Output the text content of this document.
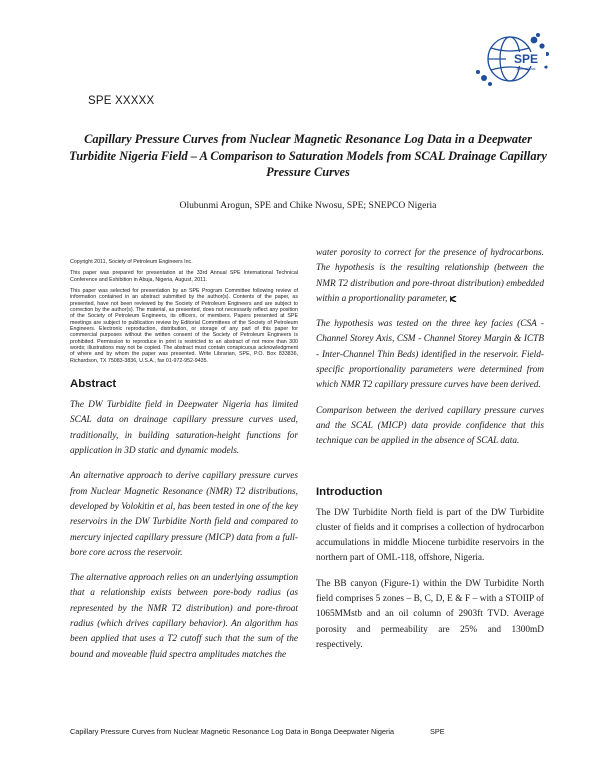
SPE
International
SPE XXXXX
Capillary Pressure Curves from Nuclear Magnetic Resonance Log Data in a Deepwater Turbidite Nigeria Field – A Comparison to Saturation Models from SCAL Drainage Capillary Pressure Curves
Olubunmi Arogun, SPE and Chike Nwosu, SPE; SNEPCO Nigeria

Copyright 2011, Society of Petroleum Engineers Inc.

This paper was prepared for presentation at the 33rd Annual SPE International Technical Conference and Exhibition in Abuja, Nigeria, August, 2011.

This paper was selected for presentation by an SPE Program Committee following review of information contained in an abstract submitted by the author(s). Contents of the paper, as presented, have not been reviewed by the Society of Petroleum Engineers and are subject to correction by the author(s). The material, as presented, does not necessarily reflect any position of the Society of Petroleum Engineers, its officers, or members. Papers presented at SPE meetings are subject to publication review by Editorial Committees of the Society of Petroleum Engineers. Electronic reproduction, distribution, or storage of any part of this paper for commercial purposes without the written consent of the Society of Petroleum Engineers is prohibited. Permission to reproduce in print is restricted to an abstract of not more than 300 words; illustrations may not be copied. The abstract must contain conspicuous acknowledgment of where and by whom the paper was presented. Write Librarian, SPE, P.O. Box 833836, Richardson, TX 75083-3836, U.S.A., fax 01-972-952-9435.

Abstract

The DW Turbidite field in Deepwater Nigeria has limited SCAL data on drainage capillary pressure curves used, traditionally, in building saturation-height functions for application in 3D static and dynamic models.

An alternative approach to derive capillary pressure curves from Nuclear Magnetic Resonance (NMR) T2 distributions, developed by Volokitin et al, has been tested in one of the key reservoirs in the DW Turbidite North field and compared to mercury injected capillary pressure (MICP) data from a full-bore core across the reservoir.

The alternative approach relies on an underlying assumption that a relationship exists between pore-body radius (as represented by the NMR T2 distribution) and pore-throat radius (which drives capillary behavior). An algorithm has been applied that uses a T2 cutoff such that the sum of the bound and moveable fluid spectra amplitudes matches the

water porosity to correct for the presence of hydrocarbons. The hypothesis is the resulting relationship (between the NMR T2 distribution and pore-throat distribution) embedded within a proportionality parameter,

The hypothesis was tested on the three key facies (CSA - Channel Storey Axis, CSM - Channel Storey Margin & ICTB - Inter-Channel Thin Beds) identified in the reservoir. Field-specific proportionality parameters were determined from which NMR T2 capillary pressure curves have been derived.

Comparison between the derived capillary pressure curves and the SCAL (MICP) data provide confidence that this technique can be applied in the absence of SCAL data.

Introduction

The DW Turbidite North field is part of the DW Turbidite cluster of fields and it comprises a collection of hydrocarbon accumulations in middle Miocene turbidite reservoirs in the northern part of OML-118, offshore, Nigeria.

The BB canyon (Figure-1) within the DW Turbidite North field comprises 5 zones – B, C, D, E & F – with a STOIIP of 1065MMstb and an oil column of 2903ft TVD. Average porosity and permeability are 25% and 1300mD respectively.

Capillary Pressure Curves from Nuclear Magnetic Resonance Log Data in Bonga Deepwater Nigeria	SPE
